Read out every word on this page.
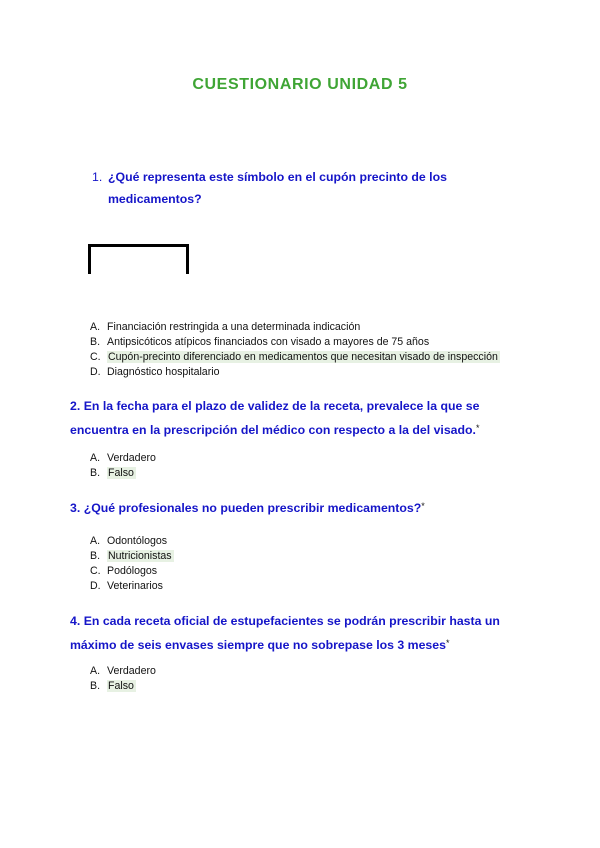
CUESTIONARIO UNIDAD 5
1. ¿Qué representa este símbolo en el cupón precinto de los medicamentos?
A. Financiación restringida a una determinada indicación
B. Antipsicóticos atípicos financiados con visado a mayores de 75 años
C. Cupón-precinto diferenciado en medicamentos que necesitan visado de inspección
D. Diagnóstico hospitalario
2. En la fecha para el plazo de validez de la receta, prevalece la que se encuentra en la prescripción del médico con respecto a la del visado.*
A. Verdadero
B. Falso
3. ¿Qué profesionales no pueden prescribir medicamentos?*
A. Odontólogos
B. Nutricionistas
C. Podólogos
D. Veterinarios
4. En cada receta oficial de estupefacientes se podrán prescribir hasta un máximo de seis envases siempre que no sobrepase los 3 meses*
A. Verdadero
B. Falso
